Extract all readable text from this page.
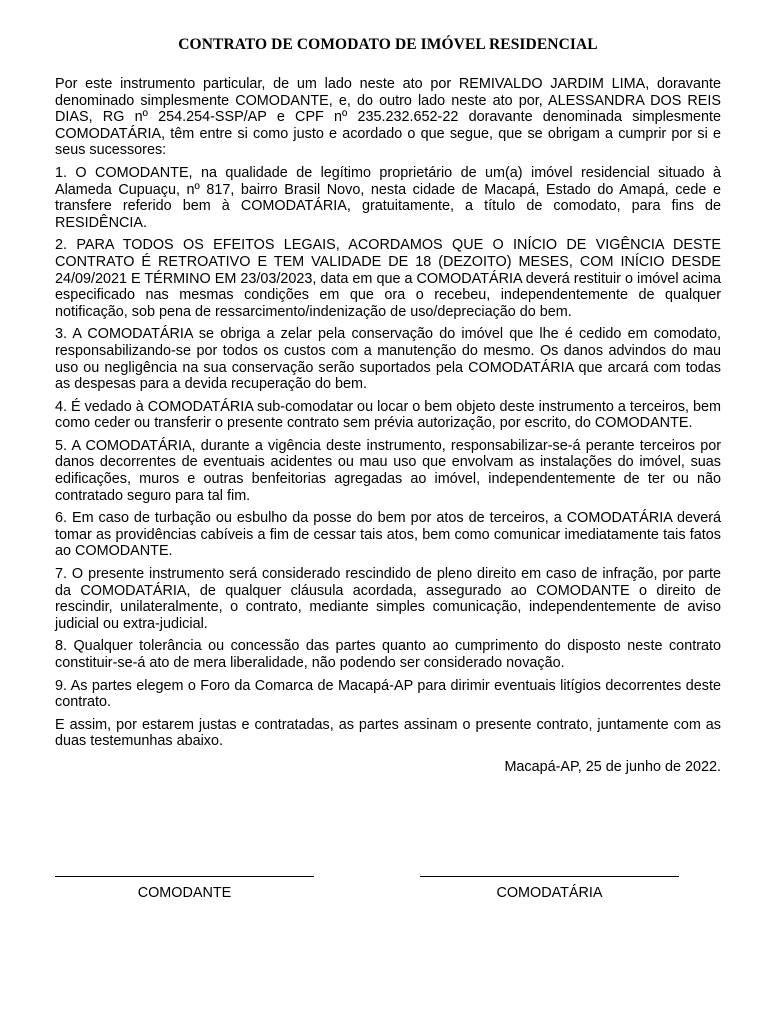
CONTRATO DE COMODATO DE IMÓVEL RESIDENCIAL

Por este instrumento particular, de um lado neste ato por REMIVALDO JARDIM LIMA, doravante denominado simplesmente COMODANTE, e, do outro lado neste ato por, ALESSANDRA DOS REIS DIAS, RG nº 254.254-SSP/AP e CPF nº 235.232.652-22 doravante denominada simplesmente COMODATÁRIA, têm entre si como justo e acordado o que segue, que se obrigam a cumprir por si e seus sucessores:

1. O COMODANTE, na qualidade de legítimo proprietário de um(a) imóvel residencial situado à Alameda Cupuaçu, nº 817, bairro Brasil Novo, nesta cidade de Macapá, Estado do Amapá, cede e transfere referido bem à COMODATÁRIA, gratuitamente, a título de comodato, para fins de RESIDÊNCIA.

2. PARA TODOS OS EFEITOS LEGAIS, ACORDAMOS QUE O INÍCIO DE VIGÊNCIA DESTE CONTRATO É RETROATIVO E TEM VALIDADE DE 18 (DEZOITO) MESES, COM INÍCIO DESDE 24/09/2021 E TÉRMINO EM 23/03/2023, data em que a COMODATÁRIA deverá restituir o imóvel acima especificado nas mesmas condições em que ora o recebeu, independentemente de qualquer notificação, sob pena de ressarcimento/indenização de uso/depreciação do bem.

3. A COMODATÁRIA se obriga a zelar pela conservação do imóvel que lhe é cedido em comodato, responsabilizando-se por todos os custos com a manutenção do mesmo. Os danos advindos do mau uso ou negligência na sua conservação serão suportados pela COMODATÁRIA que arcará com todas as despesas para a devida recuperação do bem.

4. É vedado à COMODATÁRIA sub-comodatar ou locar o bem objeto deste instrumento a terceiros, bem como ceder ou transferir o presente contrato sem prévia autorização, por escrito, do COMODANTE.

5. A COMODATÁRIA, durante a vigência deste instrumento, responsabilizar-se-á perante terceiros por danos decorrentes de eventuais acidentes ou mau uso que envolvam as instalações do imóvel, suas edificações, muros e outras benfeitorias agregadas ao imóvel, independentemente de ter ou não contratado seguro para tal fim.

6. Em caso de turbação ou esbulho da posse do bem por atos de terceiros, a COMODATÁRIA deverá tomar as providências cabíveis a fim de cessar tais atos, bem como comunicar imediatamente tais fatos ao COMODANTE.

7. O presente instrumento será considerado rescindido de pleno direito em caso de infração, por parte da COMODATÁRIA, de qualquer cláusula acordada, assegurado ao COMODANTE o direito de rescindir, unilateralmente, o contrato, mediante simples comunicação, independentemente de aviso judicial ou extra-judicial.

8. Qualquer tolerância ou concessão das partes quanto ao cumprimento do disposto neste contrato constituir-se-á ato de mera liberalidade, não podendo ser considerado novação.

9. As partes elegem o Foro da Comarca de Macapá-AP para dirimir eventuais litígios decorrentes deste contrato.

E assim, por estarem justas e contratadas, as partes assinam o presente contrato, juntamente com as duas testemunhas abaixo.

Macapá-AP, 25 de junho de 2022.
COMODANTE	COMODATÁRIA
